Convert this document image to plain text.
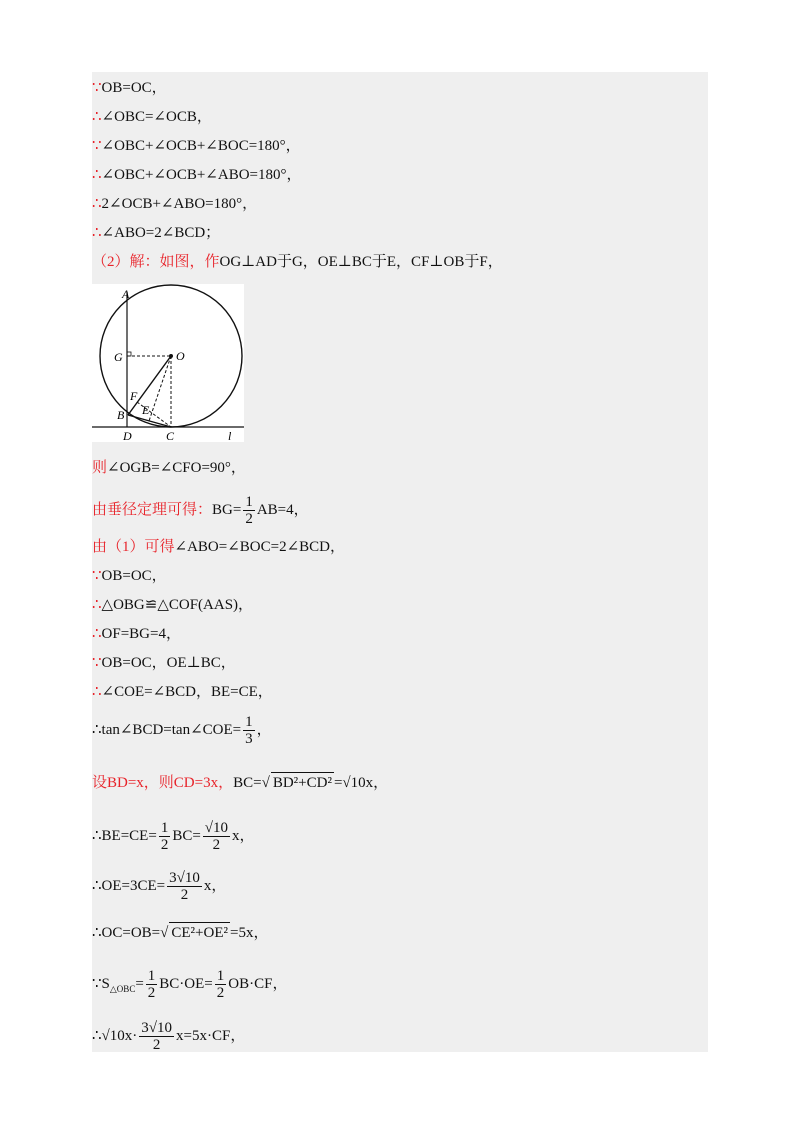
∵OB=OC，
∴∠OBC=∠OCB，
∵∠OBC+∠OCB+∠BOC=180°，
∴∠OBC+∠OCB+∠ABO=180°，
∴2∠OCB+∠ABO=180°，
∴∠ABO=2∠BCD；
（2）解：如图，作OG⊥AD于G，OE⊥BC于E，CF⊥OB于F，
A
G	O
F
E
B
D	C	l
则∠OGB=∠CFO=90°，
由垂径定理可得：$BG= \frac{1}{2} AB=4$，
由（1）可得∠ABO=∠BOC=2∠BCD，
∵OB=OC，
∴△OBG≌△COF(AAS)，
∴OF=BG=4，
∵OB=OC，OE⊥BC，
∴∠COE=∠BCD，BE=CE，
∴tan∠BCD=tan∠COE= $\frac{1}{3}$ ，
设BD=x，则CD=3x，BC=√ BD²+CD² =√10x，
∴BE=CE= $\frac{1}{2} BC= \frac{√10}{2}$ x，
∴OE=3CE= $\frac{3√10}{2}$ x，
∴OC=OB=√ CE²+OE² =5x，
$\because S_{\triangle OBC}= \frac{1}{2} BC\cdot OE= \frac{1}{2} OB\cdot CF$，
∴√10x· $\frac{3√10}{2} x=5x\cdot CF$，
